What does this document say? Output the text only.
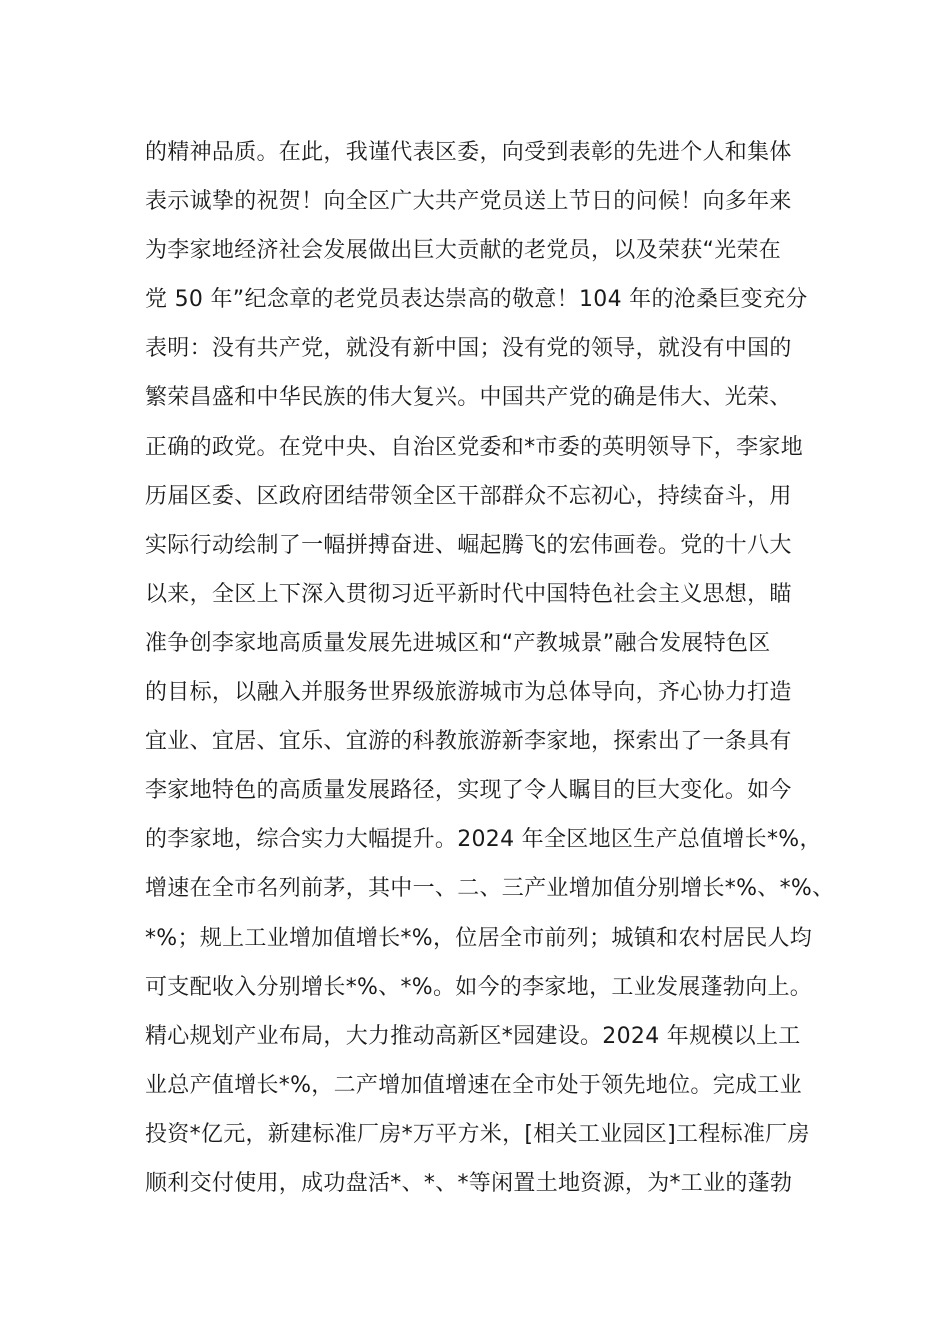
的精神品质。在此，我谨代表区委，向受到表彰的先进个人和集体
表示诚挚的祝贺！向全区广大共产党员送上节日的问候！向多年来
为李家地经济社会发展做出巨大贡献的老党员，以及荣获“光荣在
党 50 年”纪念章的老党员表达崇高的敬意！104 年的沧桑巨变充分
表明：没有共产党，就没有新中国；没有党的领导，就没有中国的
繁荣昌盛和中华民族的伟大复兴。中国共产党的确是伟大、光荣、
正确的政党。在党中央、自治区党委和*市委的英明领导下，李家地
历届区委、区政府团结带领全区干部群众不忘初心，持续奋斗，用
实际行动绘制了一幅拼搏奋进、崛起腾飞的宏伟画卷。党的十八大
以来，全区上下深入贯彻习近平新时代中国特色社会主义思想，瞄
准争创李家地高质量发展先进城区和“产教城景”融合发展特色区
的目标，以融入并服务世界级旅游城市为总体导向，齐心协力打造
宜业、宜居、宜乐、宜游的科教旅游新李家地，探索出了一条具有
李家地特色的高质量发展路径，实现了令人瞩目的巨大变化。如今
的李家地，综合实力大幅提升。2024 年全区地区生产总值增长*%，
增速在全市名列前茅，其中一、二、三产业增加值分别增长*%、*%、
*%；规上工业增加值增长*%，位居全市前列；城镇和农村居民人均
可支配收入分别增长*%、*%。如今的李家地，工业发展蓬勃向上。
精心规划产业布局，大力推动高新区*园建设。2024 年规模以上工
业总产值增长*%，二产增加值增速在全市处于领先地位。完成工业
投资*亿元，新建标准厂房*万平方米，[相关工业园区]工程标准厂房
顺利交付使用，成功盘活*、*、*等闲置土地资源，为*工业的蓬勃
